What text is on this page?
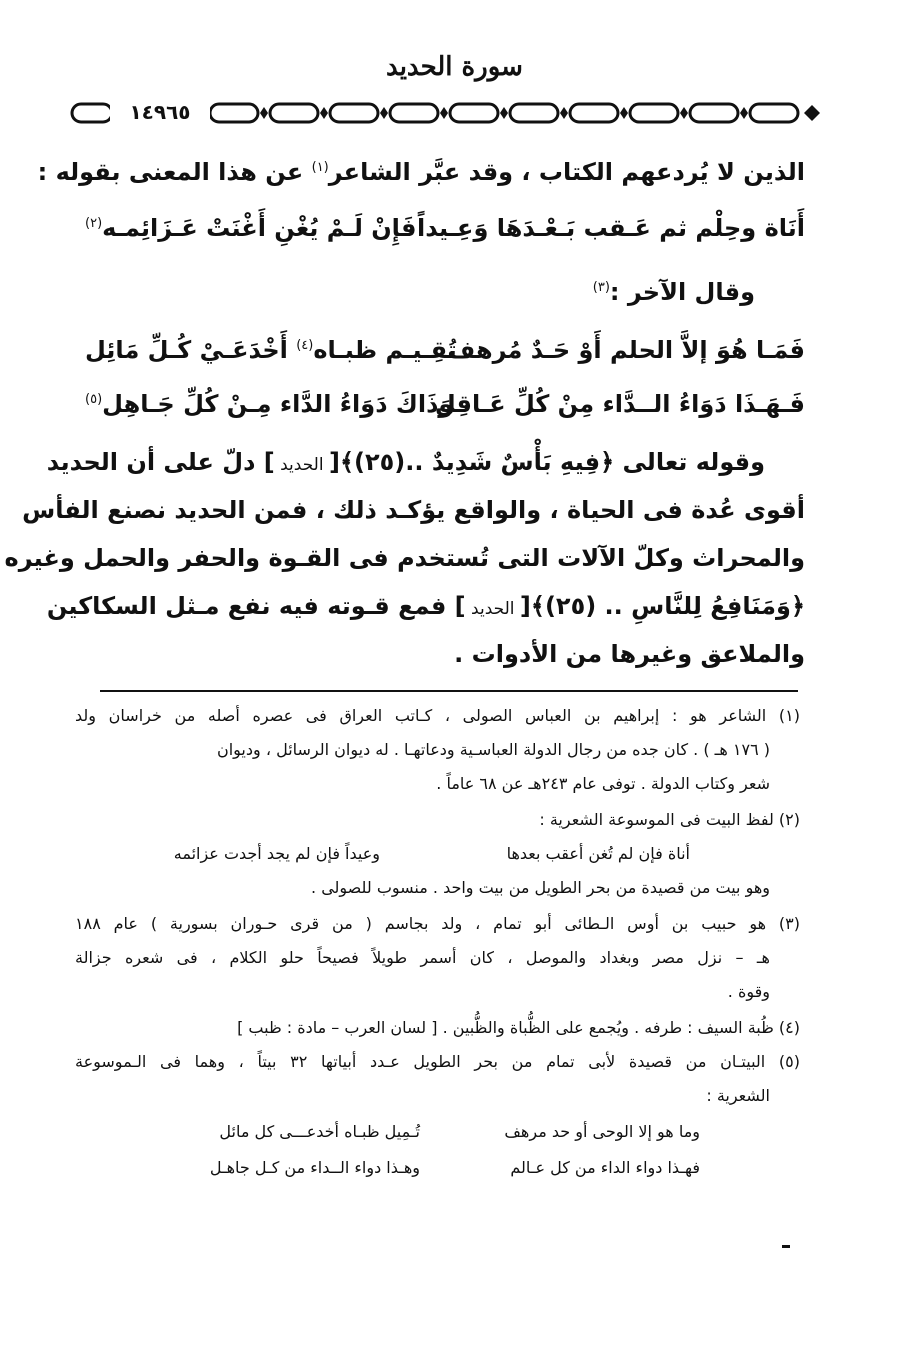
سورة الحديد
١٤٩٦٥
الذين لا يُردعهم الكتاب ، وقد عبَّر الشاعر$^{(١)}$ عن هذا المعنى بقوله :
أَنَاة وحِلْم ثم عَـقب بَـعْـدَهَا وَعِـيداً
فَإِنْ لَـمْ يُغْنِ أَغْنَتْ عَـزَائِمـه$^{(٢)}$
وقال الآخر :$^{(٣)}$
فَمَـا هُوَ إلاَّ الحلم أَوْ حَـدٌ مُرهف
تُقِـيـم ظبـاه$^{(٤)}$ أَخْدَعَـيْ كُـلِّ مَائِل
فَـهَـذَا دَوَاءُ الــدَّاء مِنْ كُلِّ عَـاقِل
وَذَاكَ دَوَاءُ الدَّاء مِـنْ كُلِّ جَـاهِل$^{(٥)}$
وقوله تعالى ﴿فِيهِ بَأْسٌ شَدِيدٌ ..(٢٥)﴾[ الحديد ] دلّ على أن الحديد
أقوى عُدة فى الحياة ، والواقع يؤكـد ذلك ، فمن الحديد نصنع الفأس
والمحراث وكلّ الآلات التى تُستخدم فى القـوة والحفر والحمل وغيره
﴿وَمَنَافِعُ لِلنَّاسِ .. (٢٥)﴾[ الحديد ] فمع قـوته فيه نفع مـثل السكاكين
والملاعق وغيرها من الأدوات .
(١) الشاعر هو : إبراهيم بن العباس الصولى ، كـاتب العراق فى عصره أصله من خراسان ولد
( ١٧٦ هـ ) . كان جده من رجال الدولة العباسـية ودعاتهـا . له ديوان الرسائل ، وديوان
شعر وكتاب الدولة . توفى عام ٢٤٣هـ عن ٦٨ عاماً .
(٢) لفظ البيت فى الموسوعة الشعرية :
أناة فإن لم تُغن أعقب بعدها
وعيداً فإن لم يجد أجدت عزائمه
وهو بيت من قصيدة من بحر الطويل من بيت واحد . منسوب للصولى .
(٣) هو حبيب بن أوس الـطائى أبو تمام ، ولد بجاسم ( من قرى حـوران بسورية ) عام ١٨٨
هـ – نزل مصر وبغداد والموصل ، كان أسمر طويلاً فصيحاً حلو الكلام ، فى شعره جزالة
وقوة .
(٤) ظُبة السيف : طرفه . ويُجمع على الظُّباة والظُّبين . [ لسان العرب – مادة : ظبب ]
(٥) البيتـان من قصيدة لأبى تمام من بحر الطويل عـدد أبياتها ٣٢ بيتاً ، وهما فى الـموسوعة
الشعرية :
وما هو إلا الوحى أو حد مرهف
تُـمِيل ظبـاه أخدعـــى كل مائل
فهـذا دواء الداء من كل عـالم
وهـذا دواء الــداء من كـل جاهـل
